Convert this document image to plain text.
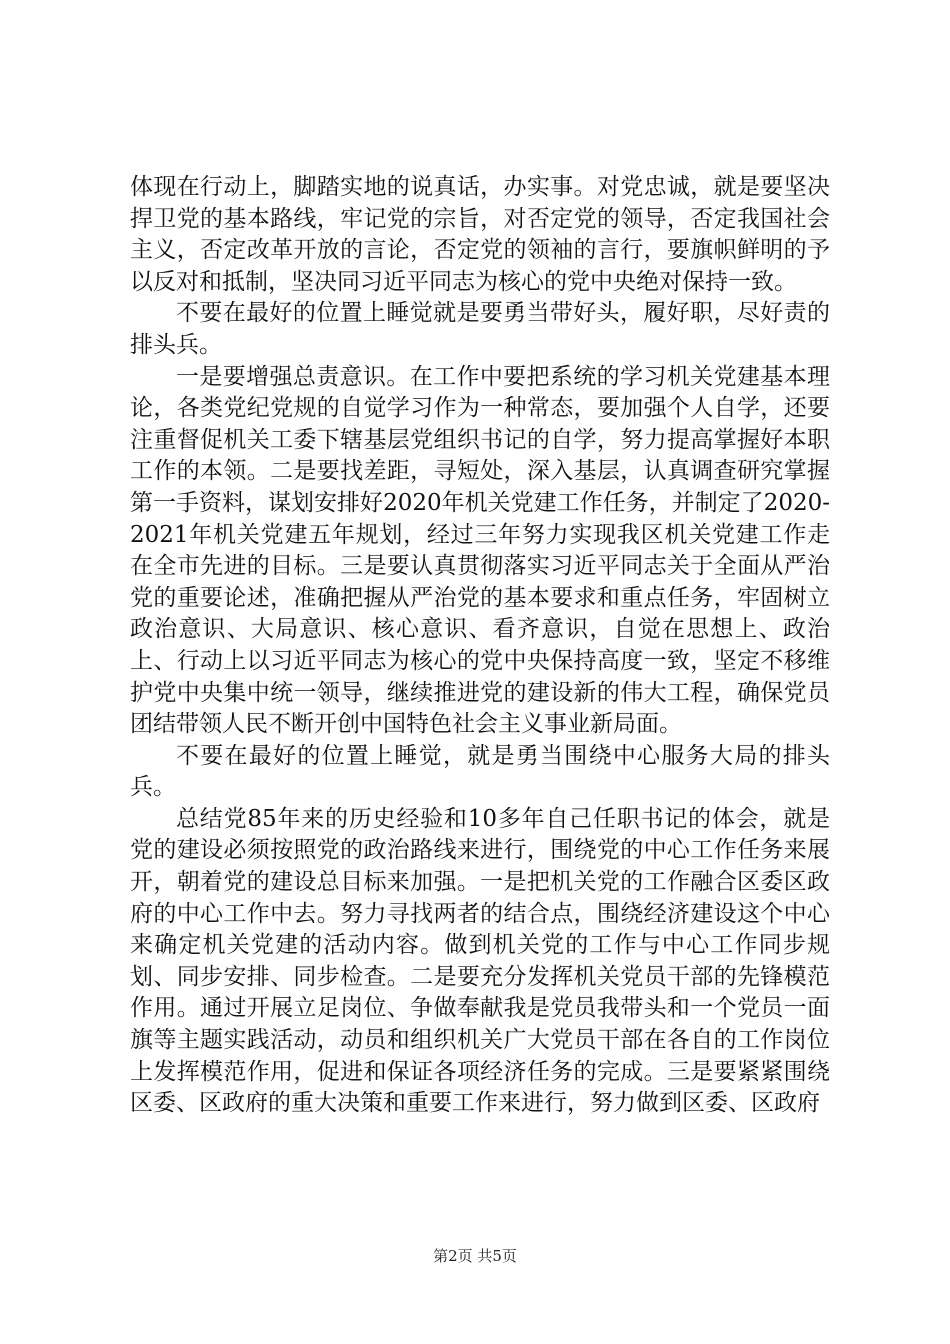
体现在行动上，脚踏实地的说真话，办实事。对党忠诚，就是要坚决捍卫党的基本路线，牢记党的宗旨，对否定党的领导，否定我国社会主义，否定改革开放的言论，否定党的领袖的言行，要旗帜鲜明的予以反对和抵制，坚决同习近平同志为核心的党中央绝对保持一致。

不要在最好的位置上睡觉就是要勇当带好头，履好职，尽好责的排头兵。

一是要增强总责意识。在工作中要把系统的学习机关党建基本理论，各类党纪党规的自觉学习作为一种常态，要加强个人自学，还要注重督促机关工委下辖基层党组织书记的自学，努力提高掌握好本职工作的本领。二是要找差距，寻短处，深入基层，认真调查研究掌握第一手资料，谋划安排好2020年机关党建工作任务，并制定了2020-2021年机关党建五年规划，经过三年努力实现我区机关党建工作走在全市先进的目标。三是要认真贯彻落实习近平同志关于全面从严治党的重要论述，准确把握从严治党的基本要求和重点任务，牢固树立政治意识、大局意识、核心意识、看齐意识，自觉在思想上、政治上、行动上以习近平同志为核心的党中央保持高度一致，坚定不移维护党中央集中统一领导，继续推进党的建设新的伟大工程，确保党员团结带领人民不断开创中国特色社会主义事业新局面。

不要在最好的位置上睡觉，就是勇当围绕中心服务大局的排头兵。

总结党85年来的历史经验和10多年自己任职书记的体会，就是党的建设必须按照党的政治路线来进行，围绕党的中心工作任务来展开，朝着党的建设总目标来加强。一是把机关党的工作融合区委区政府的中心工作中去。努力寻找两者的结合点，围绕经济建设这个中心来确定机关党建的活动内容。做到机关党的工作与中心工作同步规划、同步安排、同步检查。二是要充分发挥机关党员干部的先锋模范作用。通过开展立足岗位、争做奉献我是党员我带头和一个党员一面旗等主题实践活动，动员和组织机关广大党员干部在各自的工作岗位上发挥模范作用，促进和保证各项经济任务的完成。三是要紧紧围绕区委、区政府的重大决策和重要工作来进行，努力做到区委、区政府

第2页 共5页
